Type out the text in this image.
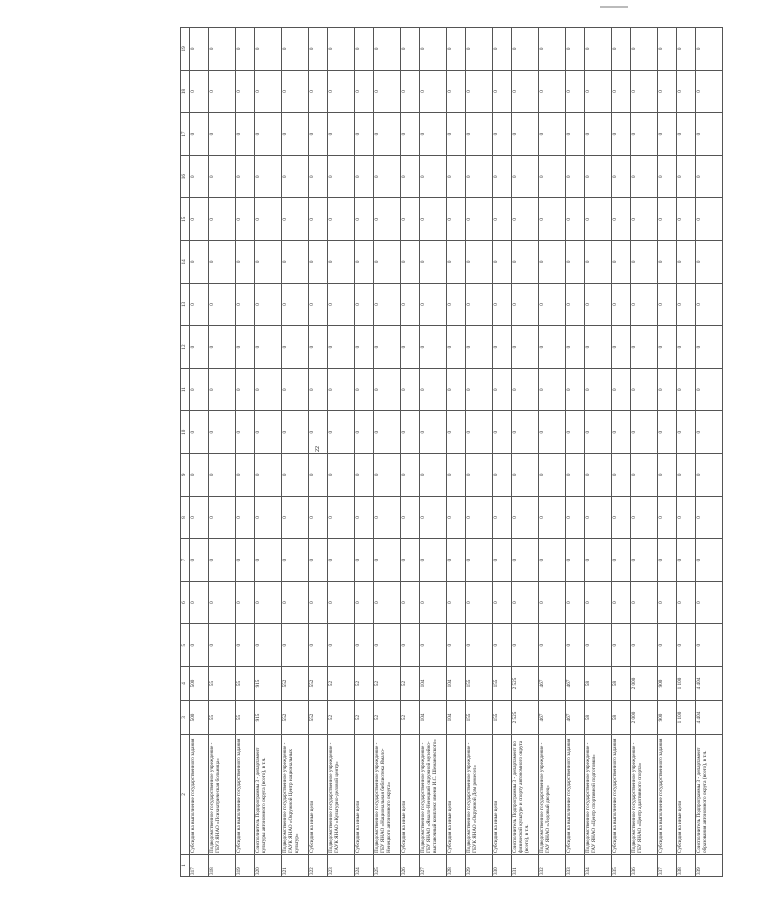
22
1	2	3	4	5	6	7	8	9	10	11	12	13	14	15	16	17	18	19
317	Субсидия на выполнение государственного задания	500	500	0	0	0	0	0	0	0	0	0	0	0	0	0	0	0
318	Подведомственное государственное учреждение - ГБУЗ ЯНАО «Психиатрическая больница»	55	55	0	0	0	0	0	0	0	0	0	0	0	0	0	0	0
319	Субсидия на выполнение государственного задания	55	55	0	0	0	0	0	0	0	0	0	0	0	0	0	0	0
320	Соисполнитель Подпрограммы 3 - департамент культуры автономного округа (всего), в т.ч.	915	915	0	0	0	0	0	0	0	0	0	0	0	0	0	0	0
321	Подведомственное государственное учреждение - ГАУК ЯНАО «Окружной Центр национальных культур»	552	552	0	0	0	0	0	0	0	0	0	0	0	0	0	0	0
322	Субсидия на иные цели	552	552	0	0	0	0	0	0	0	0	0	0	0	0	0	0	0
323	Подведомственное государственное учреждение - ГАУК ЯНАО «Культурно-деловой центр»	52	52	0	0	0	0	0	0	0	0	0	0	0	0	0	0	0
324	Субсидия на иные цели	52	52	0	0	0	0	0	0	0	0	0	0	0	0	0	0	0
325	Подведомственное государственное учреждение - ГБУ ЯНАО «Национальная библиотека Ямало-Ненецкого автономного округа»	52	52	0	0	0	0	0	0	0	0	0	0	0	0	0	0	0
326	Субсидия на иные цели	52	52	0	0	0	0	0	0	0	0	0	0	0	0	0	0	0
327	Подведомственное государственное учреждение - ГБУ ЯНАО «Ямало-Ненецкий окружной музейно-выставочный комплекс имени И.С. Шемановского»	104	104	0	0	0	0	0	0	0	0	0	0	0	0	0	0	0
328	Субсидия на иные цели	104	104	0	0	0	0	0	0	0	0	0	0	0	0	0	0	0
329	Подведомственное государственное учреждение - ГБУК ЯНАО «Окружной Дом ремесел»	155	155	0	0	0	0	0	0	0	0	0	0	0	0	0	0	0
330	Субсидия на иные цели	155	155	0	0	0	0	0	0	0	0	0	0	0	0	0	0	0
331	Соисполнитель Подпрограммы 3 - департамент по физической культуре и спорту автономного округа (всего), в т.ч.	2 525	2 525	0	0	0	0	0	0	0	0	0	0	0	0	0	0	0
332	Подведомственное государственное учреждение - ГАУ ЯНАО «Ледовый дворец»	467	467	0	0	0	0	0	0	0	0	0	0	0	0	0	0	0
333	Субсидия на выполнение государственного задания	467	467	0	0	0	0	0	0	0	0	0	0	0	0	0	0	0
334	Подведомственное государственное учреждение - ГАУ ЯНАО «Центр спортивной подготовки»	58	58	0	0	0	0	0	0	0	0	0	0	0	0	0	0	0
335	Субсидия на выполнение государственного задания	58	58	0	0	0	0	0	0	0	0	0	0	0	0	0	0	0
336	Подведомственное государственное учреждение - ГБУ ЯНАО «Центр адаптивного спорта»	2 000	2 000	0	0	0	0	0	0	0	0	0	0	0	0	0	0	0
337	Субсидия на выполнение государственного задания	900	900	0	0	0	0	0	0	0	0	0	0	0	0	0	0	0
338	Субсидия на иные цели	1 100	1 100	0	0	0	0	0	0	0	0	0	0	0	0	0	0	0
339	Соисполнитель Подпрограммы 3 - департамент образования автономного округа (всего), в т.ч.	4 404	4 404	0	0	0	0	0	0	0	0	0	0	0	0	0	0	0
